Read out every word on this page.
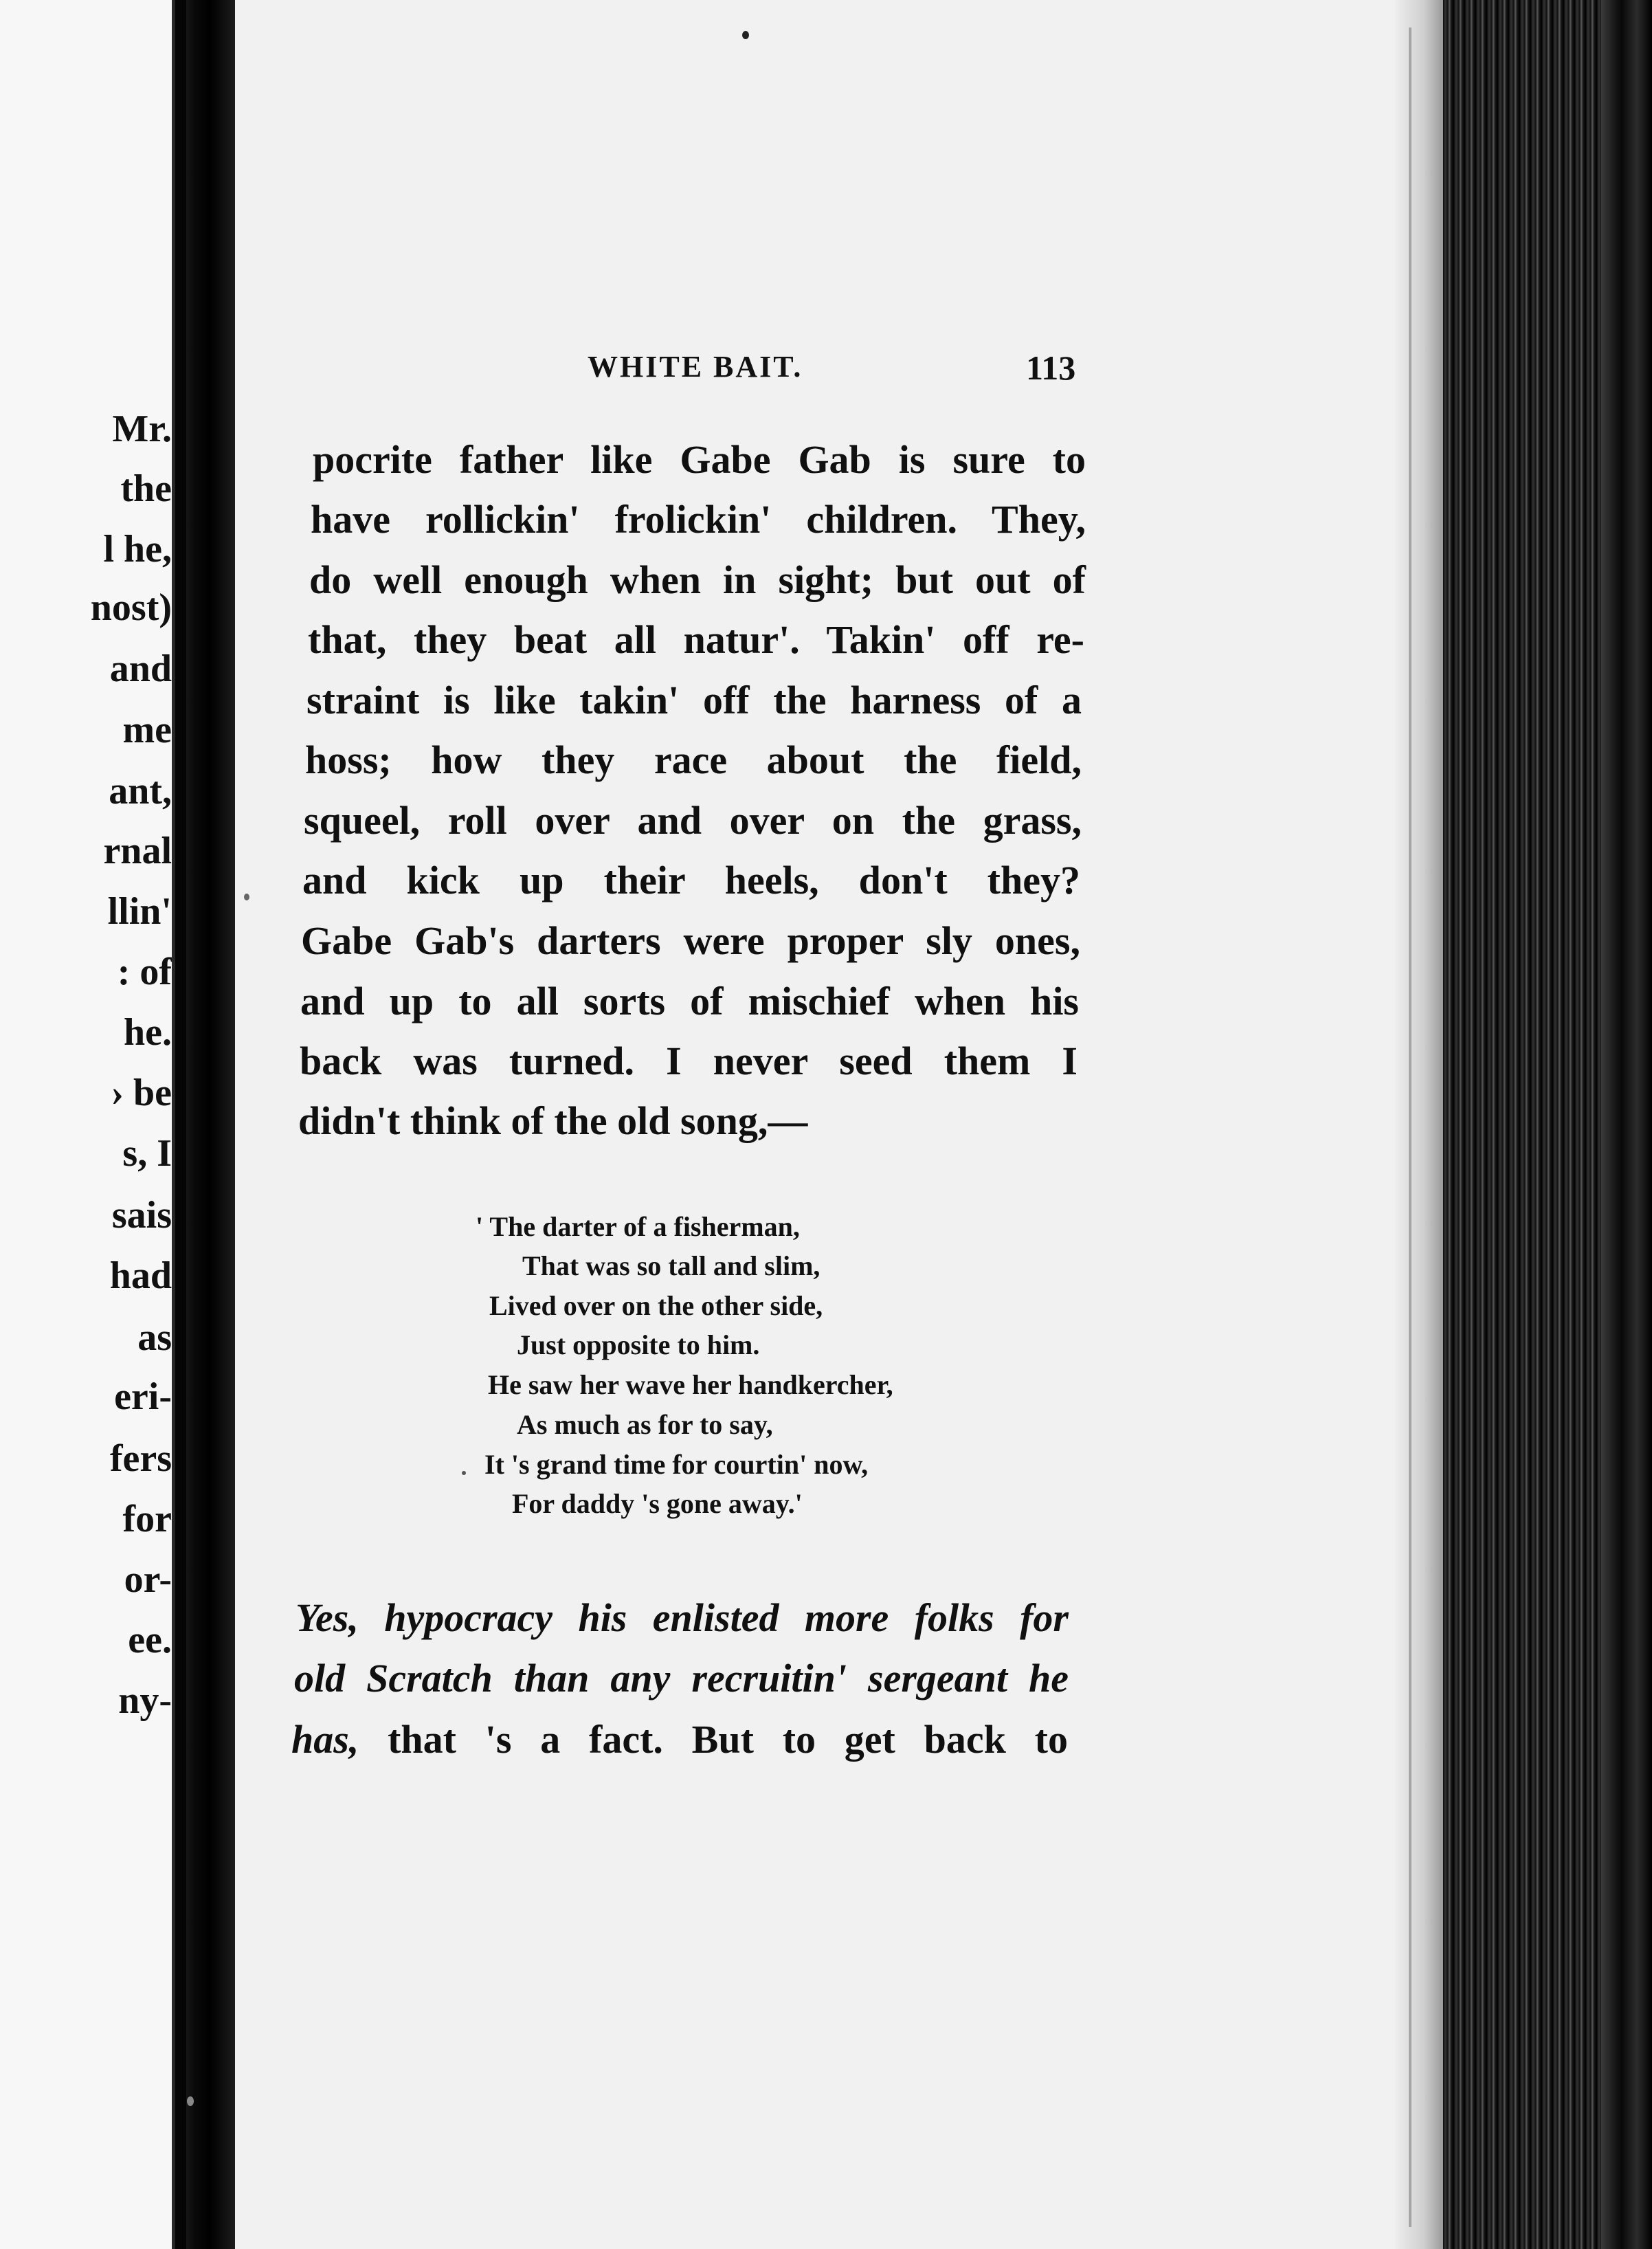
Mr.
the
l he,
nost)
and
me
ant,
rnal
llin'
: of
he.
› be
s, I
sais
had
as
eri-
fers
for
or-
ee.
ny-
WHITE BAIT.	113
pocrite father like Gabe Gab is sure to
have rollickin' frolickin' children. They,
do well enough when in sight; but out of
that, they beat all natur'. Takin' off re-
straint is like takin' off the harness of a
hoss; how they race about the field,
squeel, roll over and over on the grass,
and kick up their heels, don't they?
Gabe Gab's darters were proper sly ones,
and up to all sorts of mischief when his
back was turned. I never seed them I
didn't think of the old song,—
' The darter of a fisherman,
That was so tall and slim,
Lived over on the other side,
Just opposite to him.
He saw her wave her handkercher,
As much as for to say,
It 's grand time for courtin' now,
For daddy 's gone away.'
Yes, hypocracy his enlisted more folks for
old Scratch than any recruitin' sergeant he
has, that 's a fact. But to get back to
